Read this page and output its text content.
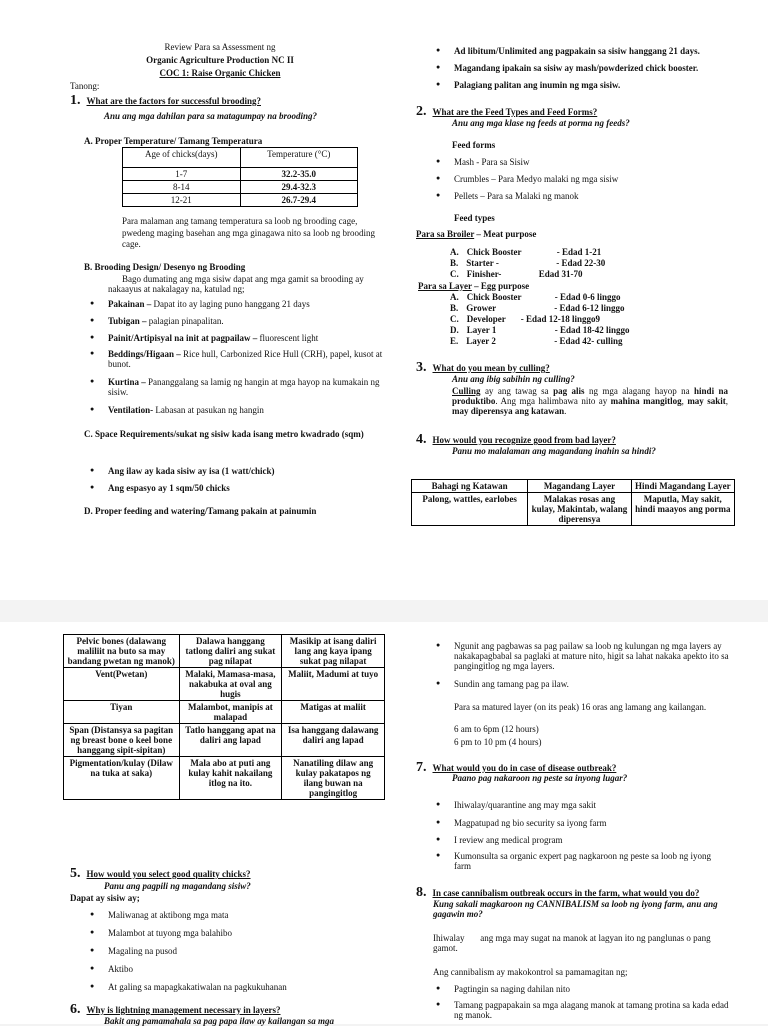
Review Para sa Assessment ng
Organic Agriculture Production NC II
COC 1: Raise Organic Chicken
Tanong:
1. What are the factors for successful brooding?
Anu ang mga dahilan para sa matagumpay na brooding?
A. Proper Temperature/ Tamang Temperatura
Age of chicks(days)	Temperature (°C)
1-7	32.2-35.0
8-14	29.4-32.3
12-21	26.7-29.4
Para malaman ang tamang temperatura sa loob ng brooding cage, pwedeng maging basehan ang mga ginagawa nito sa loob ng brooding cage.
B. Brooding Design/ Desenyo ng Brooding
Bago dumating ang mga sisiw dapat ang mga gamit sa brooding ay nakaayus at nakalagay na, katulad ng;
● Pakainan – Dapat ito ay laging puno hanggang 21 days
● Tubigan – palagian pinapalitan.
● Painit/Artipisyal na init at pagpailaw – fluorescent light
● Beddings/Higaan – Rice hull, Carbonized Rice Hull (CRH), papel, kusot at bunot.
● Kurtina – Pananggalang sa lamig ng hangin at mga hayop na kumakain ng sisiw.
● Ventilation- Labasan at pasukan ng hangin
C. Space Requirements/sukat ng sisiw kada isang metro kwadrado (sqm)
● Ang ilaw ay kada sisiw ay isa (1 watt/chick)
● Ang espasyo ay 1 sqm/50 chicks
D. Proper feeding and watering/Tamang pakain at painumin
● Ad libitum/Unlimited ang pagpakain sa sisiw hanggang 21 days.
● Magandang ipakain sa sisiw ay mash/powderized chick booster.
● Palagiang palitan ang inumin ng mga sisiw.
2. What are the Feed Types and Feed Forms?
Anu ang mga klase ng feeds at porma ng feeds?
Feed forms
● Mash - Para sa Sisiw
● Crumbles – Para Medyo malaki ng mga sisiw
● Pellets – Para sa Malaki ng manok
Feed types
Para sa Broiler – Meat purpose
A. Chick Booster	- Edad 1-21
B. Starter -	- Edad 22-30
C. Finisher-	Edad 31-70
Para sa Layer – Egg purpose
A. Chick Booster	- Edad 0-6 linggo
B. Grower	- Edad 6-12 linggo
C. Developer - Edad 12-18 linggo9
D. Layer 1	- Edad 18-42 linggo
E. Layer 2	- Edad 42- culling
3. What do you mean by culling?
Anu ang ibig sabihin ng culling?
Culling ay ang tawag sa pag alis ng mga alagang hayop na hindi na produktibo. Ang mga halimbawa nito ay mahina mangitlog, may sakit, may diperensya ang katawan.
4. How would you recognize good from bad layer?
Panu mo malalaman ang magandang inahin sa hindi?
Bahagi ng Katawan	Magandang Layer	Hindi Magandang Layer
Palong, wattles, earlobes	Malakas rosas ang kulay, Makintab, walang diperensya	Maputla, May sakit, hindi maayos ang porma
Pelvic bones (dalawang maliliit na buto sa may bandang pwetan ng manok)	Dalawa hanggang tatlong daliri ang sukat pag nilapat	Masikip at isang daliri lang ang kaya ipang sukat pag nilapat
Vent(Pwetan)	Malaki, Mamasa-masa, nakabuka at oval ang hugis	Maliit, Madumi at tuyo
Tiyan	Malambot, manipis at malapad	Matigas at maliit
Span (Distansya sa pagitan ng breast bone o keel bone hanggang sipit-sipitan)	Tatlo hanggang apat na daliri ang lapad	Isa hanggang dalawang daliri ang lapad
Pigmentation/kulay (Dilaw na tuka at saka)	Mala abo at puti ang kulay kahit nakailang itlog na ito.	Nanatiling dilaw ang kulay pakatapos ng ilang buwan na pangingitlog
5. How would you select good quality chicks?
Panu ang pagpili ng magandang sisiw?
Dapat ay sisiw ay;
● Maliwanag at aktibong mga mata
● Malambot at tuyong mga balahibo
● Magaling na pusod
● Aktibo
● At galing sa mapagkakatiwalan na pagkukuhanan
6. Why is lightning management necessary in layers?
Bakit ang pamamahala sa pag papa ilaw ay kailangan sa mga
● Ngunit ang pagbawas sa pag pailaw sa loob ng kulungan ng mga layers ay nakakapagbabal sa paglaki at mature nito, higit sa lahat nakaka apekto ito sa pangingitlog ng mga layers.
● Sundin ang tamang pag pa ilaw.
Para sa matured layer (on its peak) 16 oras ang lamang ang kailangan.
6 am to 6pm (12 hours)
6 pm to 10 pm (4 hours)
7. What would you do in case of disease outbreak?
Paano pag nakaroon ng peste sa inyong lugar?
● Ihiwalay/quarantine ang may mga sakit
● Magpatupad ng bio security sa iyong farm
● I review ang medical program
● Kumonsulta sa organic expert pag nagkaroon ng peste sa loob ng iyong farm
8. In case cannibalism outbreak occurs in the farm, what would you do?
Kung sakali magkaroon ng CANNIBALISM sa loob ng iyong farm, anu ang gagawin mo?
Ihiwalay       ang mga may sugat na manok at lagyan ito ng panglunas o pang gamot.
Ang cannibalism ay makokontrol sa pamamagitan ng;
● Pagtingin sa naging dahilan nito
● Tamang pagpapakain sa mga alagang manok at tamang protina sa kada edad ng manok.
